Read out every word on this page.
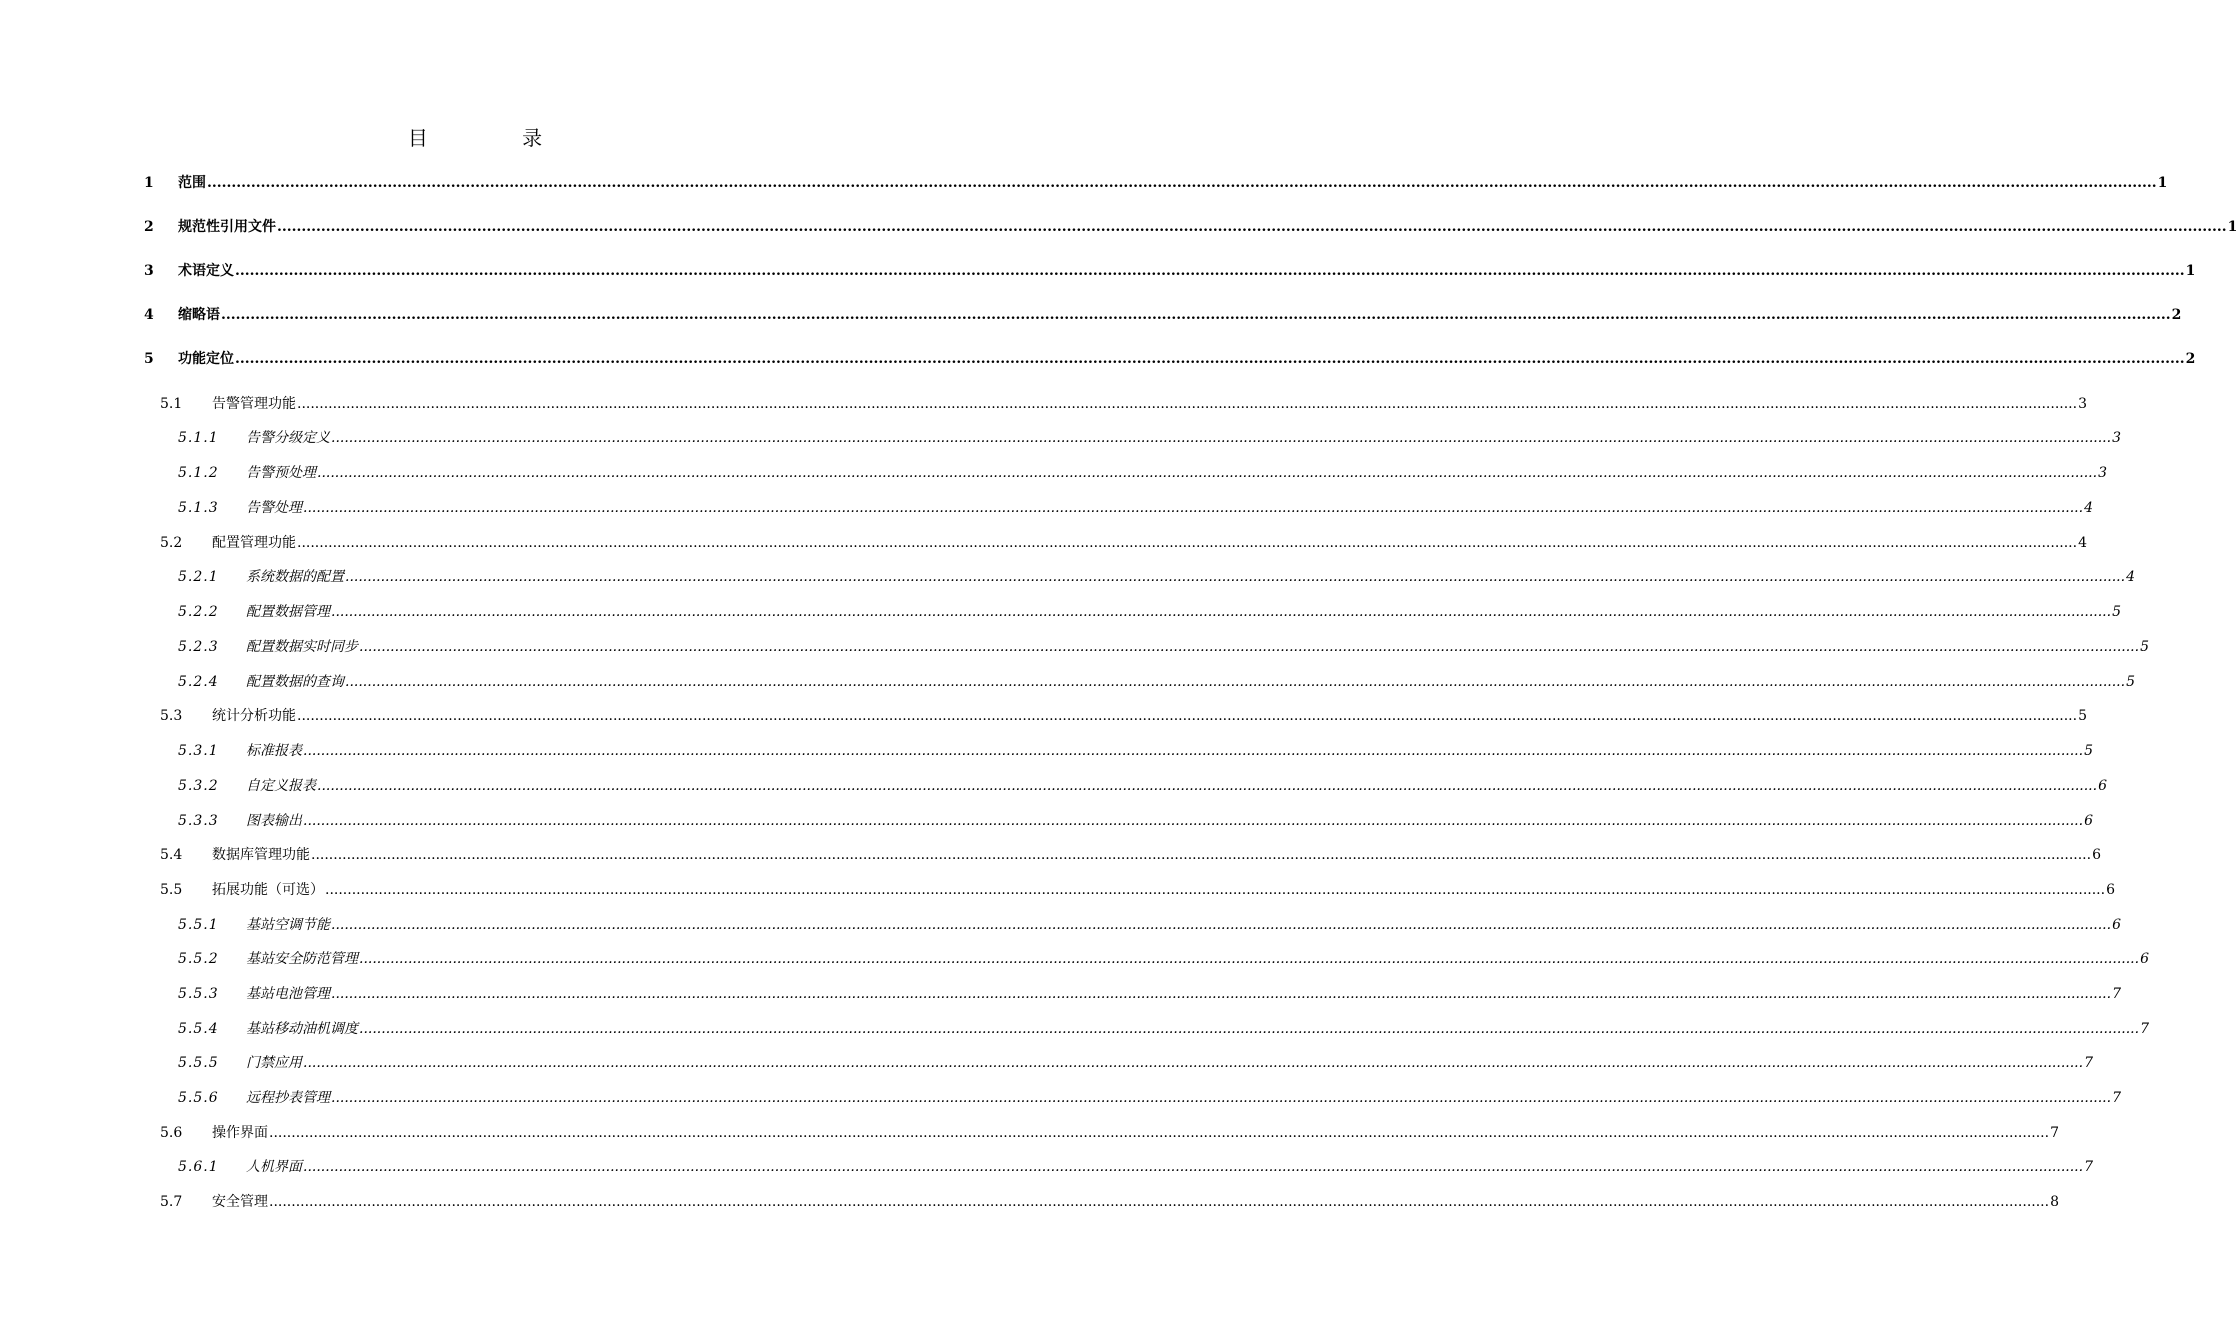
目 录
1	范围 ................................................................................................................................................................................................................................................................................................................................................................................................................ 1
2	规范性引用文件 ................................................................................................................................................................................................................................................................................................................................................................................................................ 1
3	术语定义 ................................................................................................................................................................................................................................................................................................................................................................................................................ 1
4	缩略语 ................................................................................................................................................................................................................................................................................................................................................................................................................ 2
5	功能定位 ................................................................................................................................................................................................................................................................................................................................................................................................................ 2
5.1	告警管理功能 ................................................................................................................................................................................................................................................................................................................................................................................................................ 3
5.1.1	告警分级定义 ................................................................................................................................................................................................................................................................................................................................................................................................................ 3
5.1.2	告警预处理 ................................................................................................................................................................................................................................................................................................................................................................................................................ 3
5.1.3	告警处理 ................................................................................................................................................................................................................................................................................................................................................................................................................ 4
5.2	配置管理功能 ................................................................................................................................................................................................................................................................................................................................................................................................................ 4
5.2.1	系统数据的配置 ................................................................................................................................................................................................................................................................................................................................................................................................................ 4
5.2.2	配置数据管理 ................................................................................................................................................................................................................................................................................................................................................................................................................ 5
5.2.3	配置数据实时同步 ................................................................................................................................................................................................................................................................................................................................................................................................................ 5
5.2.4	配置数据的查询 ................................................................................................................................................................................................................................................................................................................................................................................................................ 5
5.3	统计分析功能 ................................................................................................................................................................................................................................................................................................................................................................................................................ 5
5.3.1	标准报表 ................................................................................................................................................................................................................................................................................................................................................................................................................ 5
5.3.2	自定义报表 ................................................................................................................................................................................................................................................................................................................................................................................................................ 6
5.3.3	图表输出 ................................................................................................................................................................................................................................................................................................................................................................................................................ 6
5.4	数据库管理功能 ................................................................................................................................................................................................................................................................................................................................................................................................................ 6
5.5	拓展功能（可选） ................................................................................................................................................................................................................................................................................................................................................................................................................ 6
5.5.1	基站空调节能 ................................................................................................................................................................................................................................................................................................................................................................................................................ 6
5.5.2	基站安全防范管理 ................................................................................................................................................................................................................................................................................................................................................................................................................ 6
5.5.3	基站电池管理 ................................................................................................................................................................................................................................................................................................................................................................................................................ 7
5.5.4	基站移动油机调度 ................................................................................................................................................................................................................................................................................................................................................................................................................ 7
5.5.5	门禁应用 ................................................................................................................................................................................................................................................................................................................................................................................................................ 7
5.5.6	远程抄表管理 ................................................................................................................................................................................................................................................................................................................................................................................................................ 7
5.6	操作界面 ................................................................................................................................................................................................................................................................................................................................................................................................................ 7
5.6.1	人机界面 ................................................................................................................................................................................................................................................................................................................................................................................................................ 7
5.7	安全管理 ................................................................................................................................................................................................................................................................................................................................................................................................................ 8
